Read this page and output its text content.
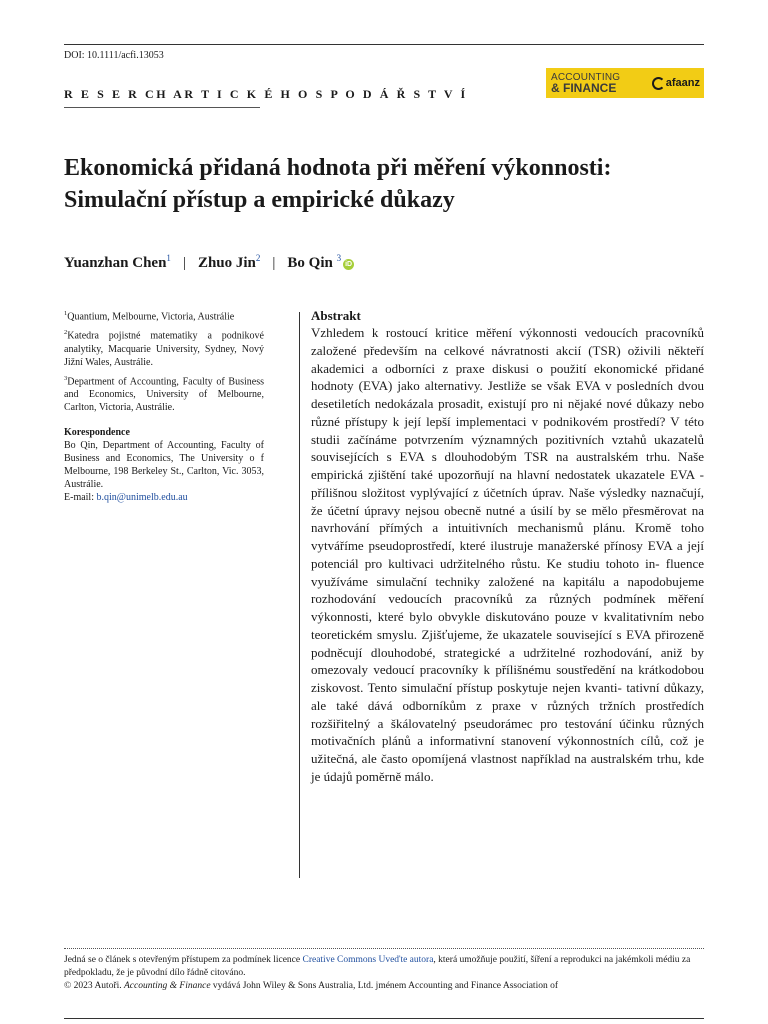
DOI: 10.1111/acfi.13053
ACCOUNTING
& FINANCE	afaanz
R E S E R CH AR T I C K É H O S P O D Á Ř S T V Í
Ekonomická přidaná hodnota při měření výkonnosti: Simulační přístup a empirické důkazy
Yuanzhan Chen$^1$ | Zhuo Jin$^2$ | Bo Qin $^3$iD
$^1$Quantium, Melbourne, Victoria, Austrálie
$^2$Katedra pojistné matematiky a podnikové analytiky, Macquarie University, Sydney, Nový Jižní Wales, Austrálie.
$^3$Department of Accounting, Faculty of Business and Economics, University of Melbourne, Carlton, Victoria, Austrálie.
Korespondence
Bo Qin, Department of Accounting, Faculty of Business and Economics, The University o f Melbourne, 198 Berkeley St., Carlton, Vic. 3053, Austrálie.
E-mail: b.qin@unimelb.edu.au
Abstrakt

Vzhledem k rostoucí kritice měření výkonnosti vedoucích pracovníků založené především na celkové návratnosti akcií (TSR) oživili někteří akademici a odborníci z praxe diskusi o použití ekonomické přidané hodnoty (EVA) jako alternativy. Jestliže se však EVA v posledních dvou desetiletích nedokázala prosadit, existují pro ni nějaké nové důkazy nebo různé přístupy k její lepší implementaci v podnikovém prostředí? V této studii začínáme potvrzením významných pozitivních vztahů ukazatelů souvisejících s EVA s dlouhodobým TSR na australském trhu. Naše empirická zjištění také upozorňují na hlavní nedostatek ukazatele EVA - přílišnou složitost vyplývající z účetních úprav. Naše výsledky naznačují, že účetní úpravy nejsou obecně nutné a úsilí by se mělo přesměrovat na navrhování přímých a intuitivních mechanismů plánu. Kromě toho vytváříme pseudoprostředí, které ilustruje manažerské přínosy EVA a její potenciál pro kultivaci udržitelného růstu. Ke studiu tohoto in- fluence využíváme simulační techniky založené na kapitálu a napodobujeme rozhodování vedoucích pracovníků za různých podmínek měření výkonnosti, které bylo obvykle diskutováno pouze v kvalitativním nebo teoretickém smyslu. Zjišťujeme, že ukazatele související s EVA přirozeně podněcují dlouhodobé, strategické a udržitelné rozhodování, aniž by omezovaly vedoucí pracovníky k přílišnému soustředění na krátkodobou ziskovost. Tento simulační přístup poskytuje nejen kvanti- tativní důkazy, ale také dává odborníkům z praxe v různých tržních prostředích rozšiřitelný a škálovatelný pseudorámec pro testování účinku různých motivačních plánů a informativní stanovení výkonnostních cílů, což je užitečná, ale často opomíjená vlastnost například na australském trhu, kde je údajů poměrně málo.

Jedná se o článek s otevřeným přístupem za podmínek licence Creative Commons Uveďte autora, která umožňuje použití, šíření a reprodukci na jakémkoli médiu za předpokladu, že je původní dílo řádně citováno.
© 2023 Autoři. Accounting & Finance vydává John Wiley & Sons Australia, Ltd. jménem Accounting and Finance Association of
